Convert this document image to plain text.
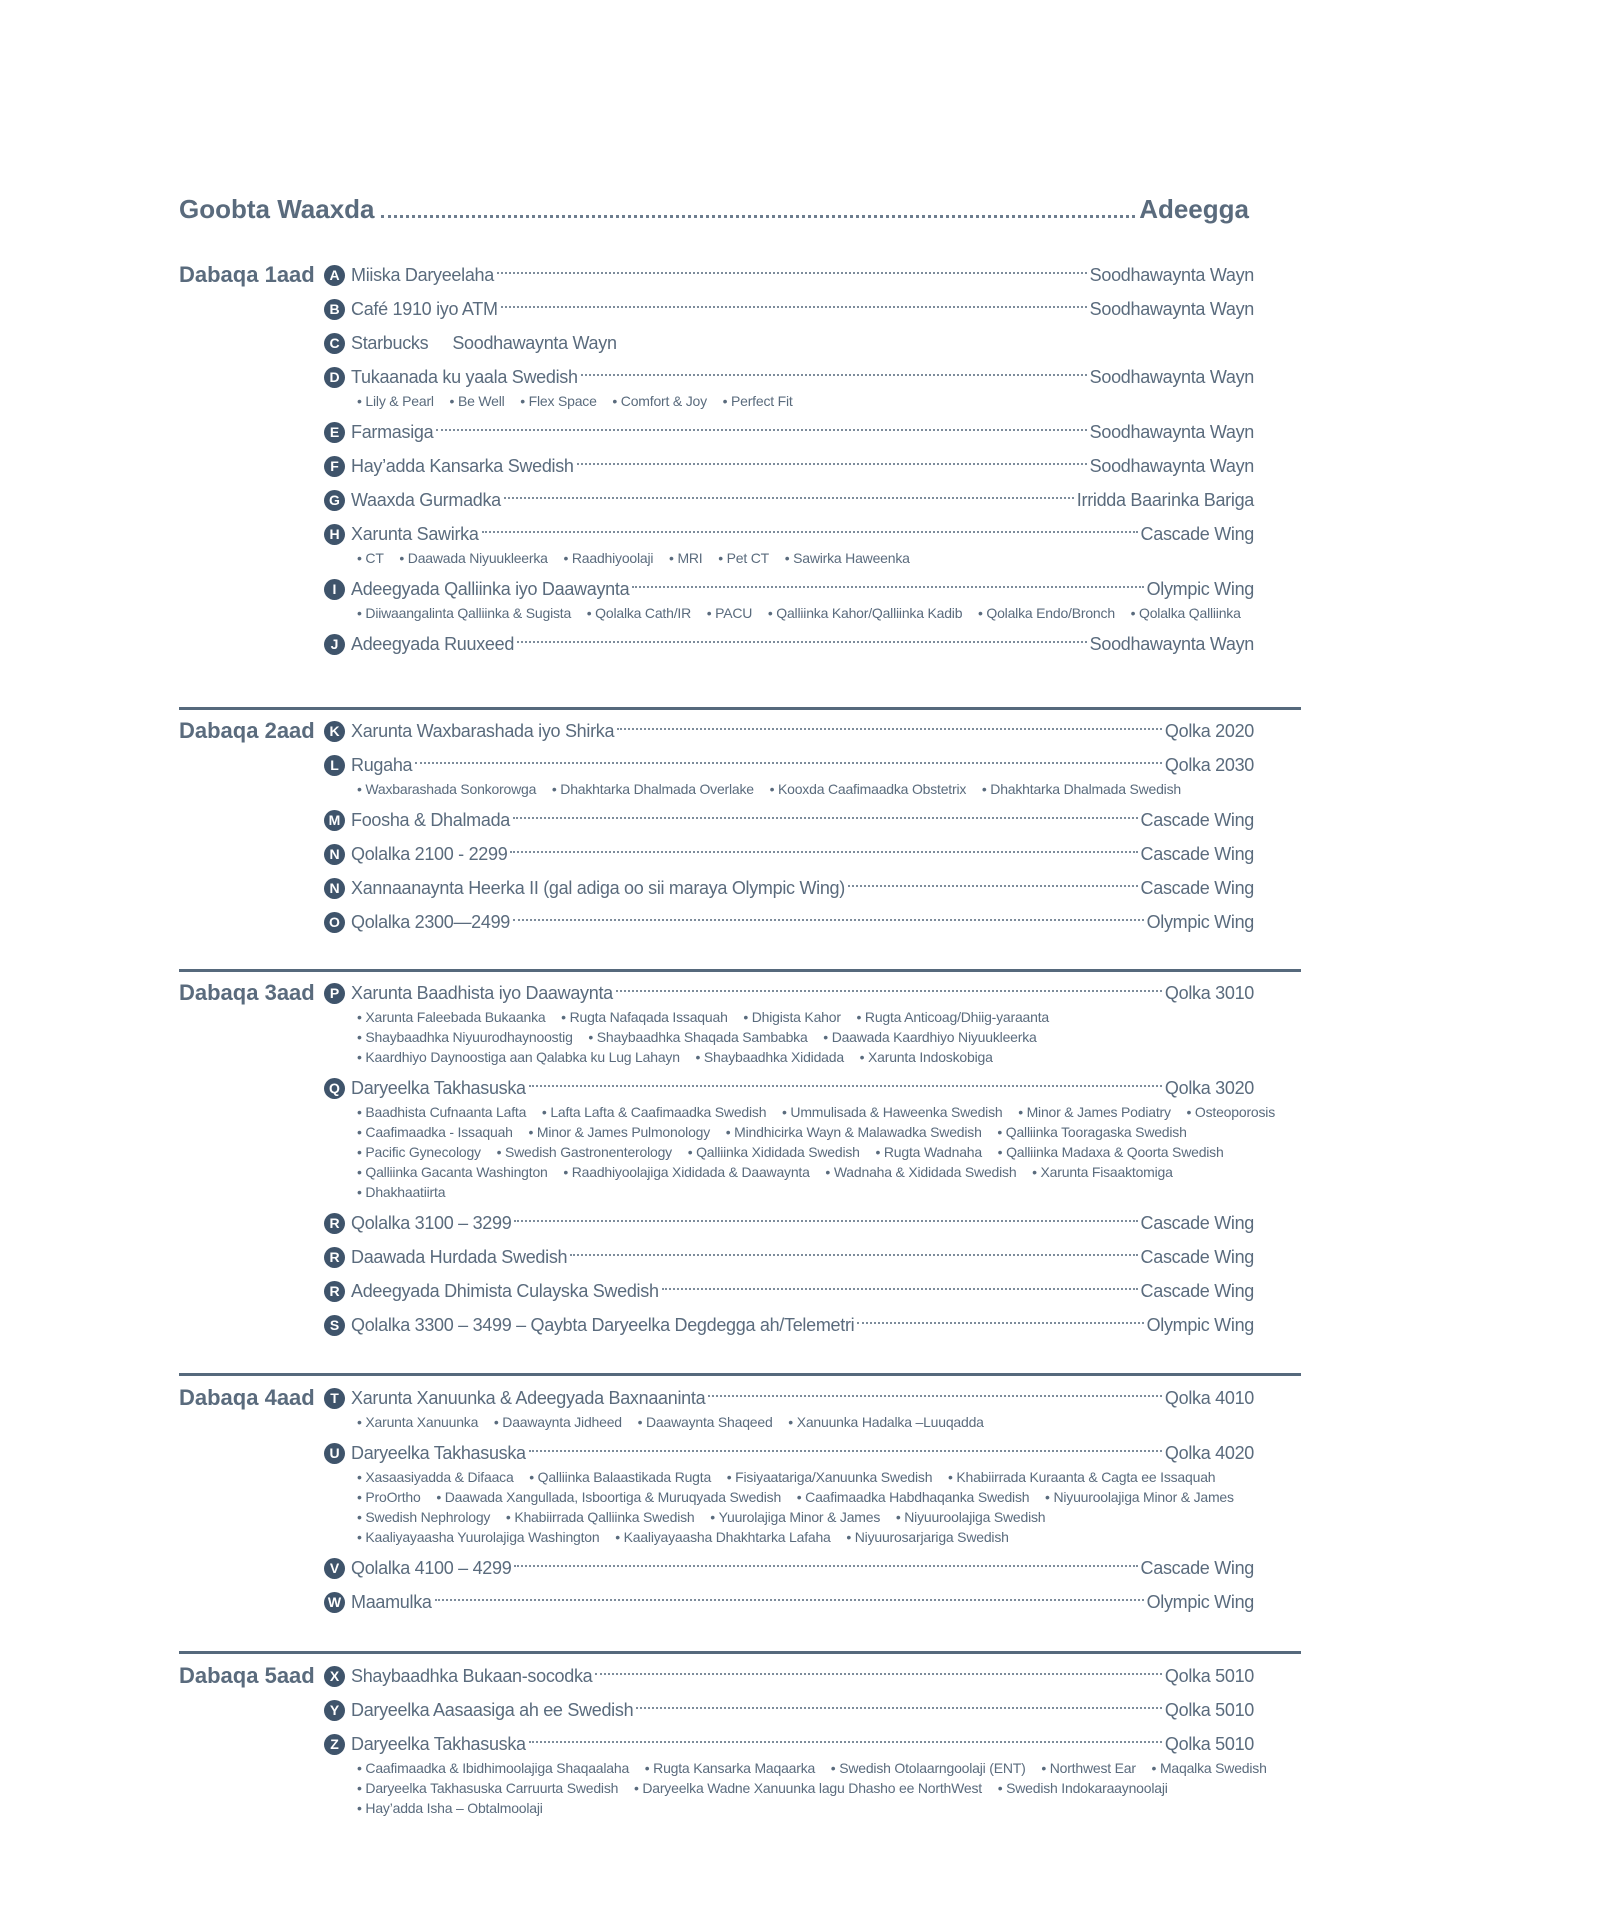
Goobta Waaxda	Adeegga
Dabaqa 1aad	A Miiska Daryeelaha	Soodhawaynta Wayn
B Café 1910 iyo ATM	Soodhawaynta Wayn
C Starbucks Soodhawaynta Wayn
D Tukaanada ku yaala Swedish	Soodhawaynta Wayn
• Lily & Pearl • Be Well • Flex Space • Comfort & Joy • Perfect Fit
E Farmasiga	Soodhawaynta Wayn
F Hay’adda Kansarka Swedish	Soodhawaynta Wayn
G Waaxda Gurmadka	Irridda Baarinka Bariga
H Xarunta Sawirka	Cascade Wing
• CT • Daawada Niyuukleerka • Raadhiyoolaji • MRI • Pet CT • Sawirka Haweenka
I Adeegyada Qalliinka iyo Daawaynta	Olympic Wing
• Diiwaangalinta Qalliinka & Sugista • Qolalka Cath/IR • PACU • Qalliinka Kahor/Qalliinka Kadib • Qolalka Endo/Bronch • Qolalka Qalliinka
J Adeegyada Ruuxeed	Soodhawaynta Wayn
Dabaqa 2aad	K Xarunta Waxbarashada iyo Shirka	Qolka 2020
L Rugaha	Qolka 2030
• Waxbarashada Sonkorowga • Dhakhtarka Dhalmada Overlake • Kooxda Caafimaadka Obstetrix • Dhakhtarka Dhalmada Swedish
M Foosha & Dhalmada	Cascade Wing
N Qolalka 2100 - 2299	Cascade Wing
N Xannaanaynta Heerka II (gal adiga oo sii maraya Olympic Wing)	Cascade Wing
O Qolalka 2300—2499	Olympic Wing
Dabaqa 3aad	P Xarunta Baadhista iyo Daawaynta	Qolka 3010
• Xarunta Faleebada Bukaanka • Rugta Nafaqada Issaquah • Dhigista Kahor • Rugta Anticoag/Dhiig-yaraanta • Shaybaadhka Niyuurodhaynoostig • Shaybaadhka Shaqada Sambabka • Daawada Kaardhiyo Niyuukleerka • Kaardhiyo Daynoostiga aan Qalabka ku Lug Lahayn • Shaybaadhka Xididada • Xarunta Indoskobiga
Q Daryeelka Takhasuska	Qolka 3020
• Baadhista Cufnaanta Lafta • Lafta Lafta & Caafimaadka Swedish • Ummulisada & Haweenka Swedish • Minor & James Podiatry • Osteoporosis • Caafimaadka - Issaquah • Minor & James Pulmonology • Mindhicirka Wayn & Malawadka Swedish • Qalliinka Tooragaska Swedish • Pacific Gynecology • Swedish Gastronenterology • Qalliinka Xididada Swedish • Rugta Wadnaha • Qalliinka Madaxa & Qoorta Swedish • Qalliinka Gacanta Washington • Raadhiyoolajiga Xididada & Daawaynta • Wadnaha & Xididada Swedish • Xarunta Fisaaktomiga • Dhakhaatiirta
R Qolalka 3100 – 3299	Cascade Wing
R Daawada Hurdada Swedish	Cascade Wing
R Adeegyada Dhimista Culayska Swedish	Cascade Wing
S Qolalka 3300 – 3499 – Qaybta Daryeelka Degdegga ah/Telemetri	Olympic Wing
Dabaqa 4aad	T Xarunta Xanuunka & Adeegyada Baxnaaninta	Qolka 4010
• Xarunta Xanuunka • Daawaynta Jidheed • Daawaynta Shaqeed • Xanuunka Hadalka –Luuqadda
U Daryeelka Takhasuska	Qolka 4020
• Xasaasiyadda & Difaaca • Qalliinka Balaastikada Rugta • Fisiyaatariga/Xanuunka Swedish • Khabiirrada Kuraanta & Cagta ee Issaquah • ProOrtho • Daawada Xangullada, Isboortiga & Muruqyada Swedish • Caafimaadka Habdhaqanka Swedish • Niyuuroolajiga Minor & James • Swedish Nephrology • Khabiirrada Qalliinka Swedish • Yuurolajiga Minor & James • Niyuuroolajiga Swedish • Kaaliyayaasha Yuurolajiga Washington • Kaaliyayaasha Dhakhtarka Lafaha • Niyuurosarjariga Swedish
V Qolalka 4100 – 4299	Cascade Wing
W Maamulka	Olympic Wing
Dabaqa 5aad	X Shaybaadhka Bukaan-socodka	Qolka 5010
Y Daryeelka Aasaasiga ah ee Swedish	Qolka 5010
Z Daryeelka Takhasuska	Qolka 5010
• Caafimaadka & Ibidhimoolajiga Shaqaalaha • Rugta Kansarka Maqaarka • Swedish Otolaarngoolaji (ENT) • Northwest Ear • Maqalka Swedish • Daryeelka Takhasuska Carruurta Swedish • Daryeelka Wadne Xanuunka lagu Dhasho ee NorthWest • Swedish Indokaraaynoolaji • Hay’adda Isha – Obtalmoolaji
